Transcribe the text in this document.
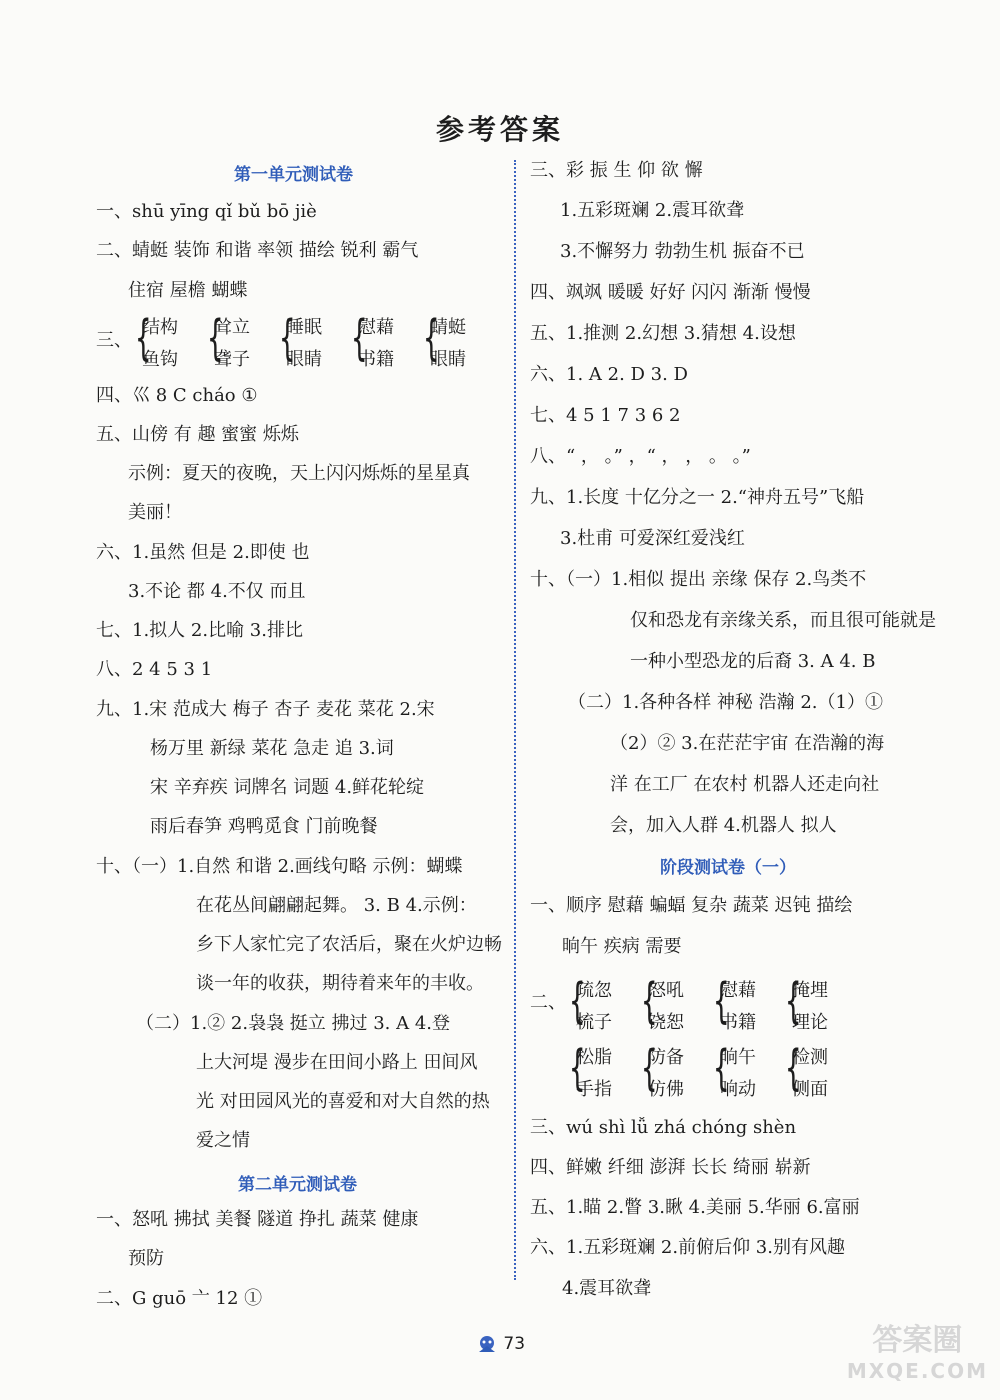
参考答案
第一单元测试卷
一、shū yīng qǐ bǔ bō jiè
二、蜻蜓 装饰 和谐 率领 描绘 锐利 霸气
住宿 屋檐 蝴蝶
三、 {
结构
鱼钩 {
耸立
聋子 {
睡眠
眼睛 {
慰藉
书籍 {
蜻蜓
眼睛
四、巛 8 C cháo ①
五、山傍 有 趣 蜜蜜 烁烁
示例：夏天的夜晚，天上闪闪烁烁的星星真
美丽！
六、1.虽然 但是 2.即使 也
3.不论 都 4.不仅 而且
七、1.拟人 2.比喻 3.排比
八、2 4 5 3 1
九、1.宋 范成大 梅子 杏子 麦花 菜花 2.宋
杨万里 新绿 菜花 急走 追 3.词
宋 辛弃疾 词牌名 词题 4.鲜花轮绽
雨后春笋 鸡鸭觅食 门前晚餐
十、（一）1.自然 和谐 2.画线句略 示例：蝴蝶
在花丛间翩翩起舞。 3. B 4.示例：
乡下人家忙完了农活后，聚在火炉边畅
谈一年的收获，期待着来年的丰收。
（二）1.② 2.袅袅 挺立 拂过 3. A 4.登
上大河堤 漫步在田间小路上 田间风
光 对田园风光的喜爱和对大自然的热
爱之情
第二单元测试卷
一、怒吼 拂拭 美餐 隧道 挣扎 蔬菜 健康
预防
二、G guō 亠 12 ①
三、彩 振 生 仰 欲 懈
1.五彩斑斓 2.震耳欲聋
3.不懈努力 勃勃生机 振奋不已
四、飒飒 暖暖 好好 闪闪 渐渐 慢慢
五、1.推测 2.幻想 3.猜想 4.设想
六、1. A 2. D 3. D
七、4 5 1 7 3 6 2
八、“ ， 。” ，“ ， ， 。 。”
九、1.长度 十亿分之一 2.“神舟五号”飞船
3.杜甫 可爱深红爱浅红
十、（一）1.相似 提出 亲缘 保存 2.鸟类不
仅和恐龙有亲缘关系，而且很可能就是
一种小型恐龙的后裔 3. A 4. B
（二）1.各种各样 神秘 浩瀚 2.（1）①
（2）② 3.在茫茫宇宙 在浩瀚的海
洋 在工厂 在农村 机器人还走向社
会，加入人群 4.机器人 拟人
阶段测试卷（一）
一、顺序 慰藉 蝙蝠 复杂 蔬菜 迟钝 描绘
晌午 疾病 需要
二、 {
疏忽
梳子 {
怒吼
饶恕 {
慰藉
书籍 {
掩埋
理论
{
松脂
手指 {
防备
仿佛 {
晌午
响动 {
检测
侧面
三、wú shì lǚ zhá chóng shèn
四、鲜嫩 纤细 澎湃 长长 绮丽 崭新
五、1.瞄 2.瞥 3.瞅 4.美丽 5.华丽 6.富丽
六、1.五彩斑斓 2.前俯后仰 3.别有风趣
4.震耳欲聋
73	答案圈
MXQE.COM
